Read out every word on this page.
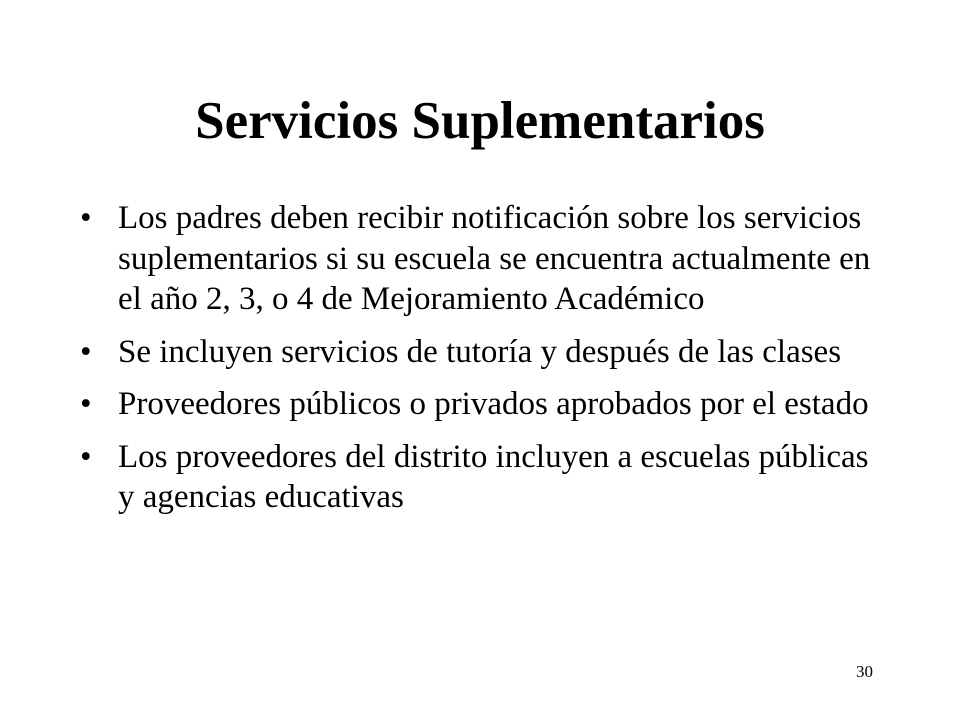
Servicios Suplementarios
• Los padres deben recibir notificación sobre los servicios suplementarios si su escuela se encuentra actualmente en el año 2, 3, o 4 de Mejoramiento Académico
• Se incluyen servicios de tutoría y después de las clases
• Proveedores públicos o privados aprobados por el estado
• Los proveedores del distrito incluyen a escuelas públicas y agencias educativas
30
